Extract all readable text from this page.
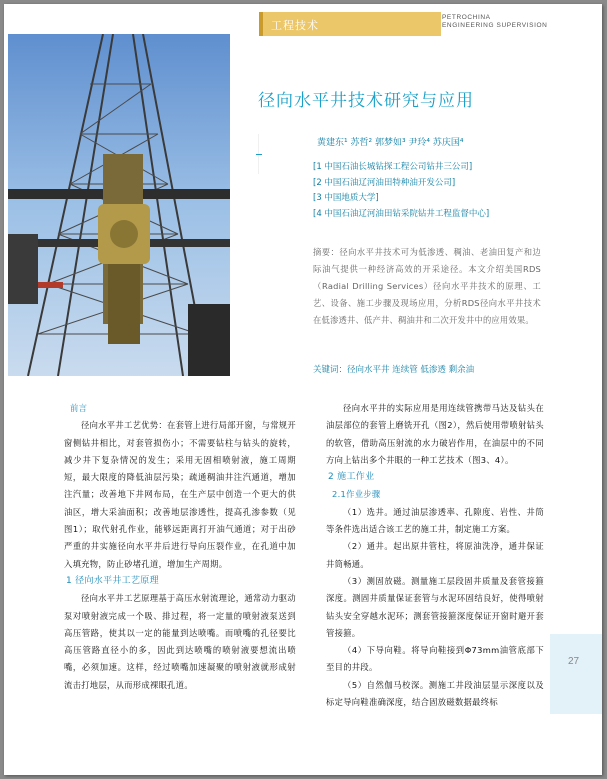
工程技术
PETROCHINA
ENGINEERING SUPERVISION
径向水平井技术研究与应用
黄建东¹ 苏哲² 郭梦如³ 尹玲⁴ 苏庆国⁴
[1 中国石油长城钻探工程公司钻井三公司]
[2 中国石油辽河油田特种油开发公司]
[3 中国地质大学]
[4 中国石油辽河油田钻采院钻井工程监督中心]
摘要：径向水平井技术可为低渗透、稠油、老油田复产和边际油气提供一种经济高效的开采途径。本文介绍美国RDS（Radial Drilling Services）径向水平井技术的原理、工艺、设备、施工步骤及现场应用，分析RDS径向水平井技术在低渗透井、低产井、稠油井和二次开发井中的应用效果。
关键词：径向水平井 连续管 低渗透 剩余油

前言

径向水平井工艺优势：在套管上进行局部开窗，与常规开窗侧钻井相比，对套管损伤小；不需要钻柱与钻头的旋转，减少井下复杂情况的发生；采用无固相喷射液，施工周期短，最大限度的降低油层污染；疏通稠油井注汽通道，增加注汽量；改善地下井网布局，在生产层中创造一个更大的供油区，增大采油面积；改善地层渗透性，提高孔渗参数（见图1）；取代射孔作业，能够远距离打开油气通道；对于出砂严重的井实施径向水平井后进行导向压裂作业，在孔道中加入填充物，防止砂堵孔道，增加生产周期。

1 径向水平井工艺原理

径向水平井工艺原理基于高压水射流理论，通常动力驱动泵对喷射液完成一个吸、排过程，将一定量的喷射液泵送到高压管路，使其以一定的能量到达喷嘴。而喷嘴的孔径要比高压管路直径小的多，因此到达喷嘴的喷射液要想流出喷嘴，必须加速。这样，经过喷嘴加速凝聚的喷射液就形成射流击打地层，从而形成裸眼孔道。

径向水平井的实际应用是用连续管携带马达及钻头在油层部位的套管上磨铣开孔（图2），然后使用带喷射钻头的软管，借助高压射流的水力破岩作用，在油层中的不同方向上钻出多个井眼的一种工艺技术（图3、4）。

2 施工作业

2.1作业步骤

（1）选井。通过油层渗透率、孔隙度、岩性、井筒等条件选出适合该工艺的施工井，制定施工方案。

（2）通井。起出原井管柱，将原油洗净，通井保证井筒畅通。

（3）测固放磁。测量施工层段固井质量及套管接箍深度。测固井质量保证套管与水泥环固结良好，使得喷射钻头安全穿越水泥环；测套管接箍深度保证开窗时避开套管接箍。

（4）下导向鞋。将导向鞋接到Φ73mm油管底部下至目的井段。

（5）自然伽马校深。测施工井段油层显示深度以及标定导向鞋准确深度，结合固放磁数据最终标

27
